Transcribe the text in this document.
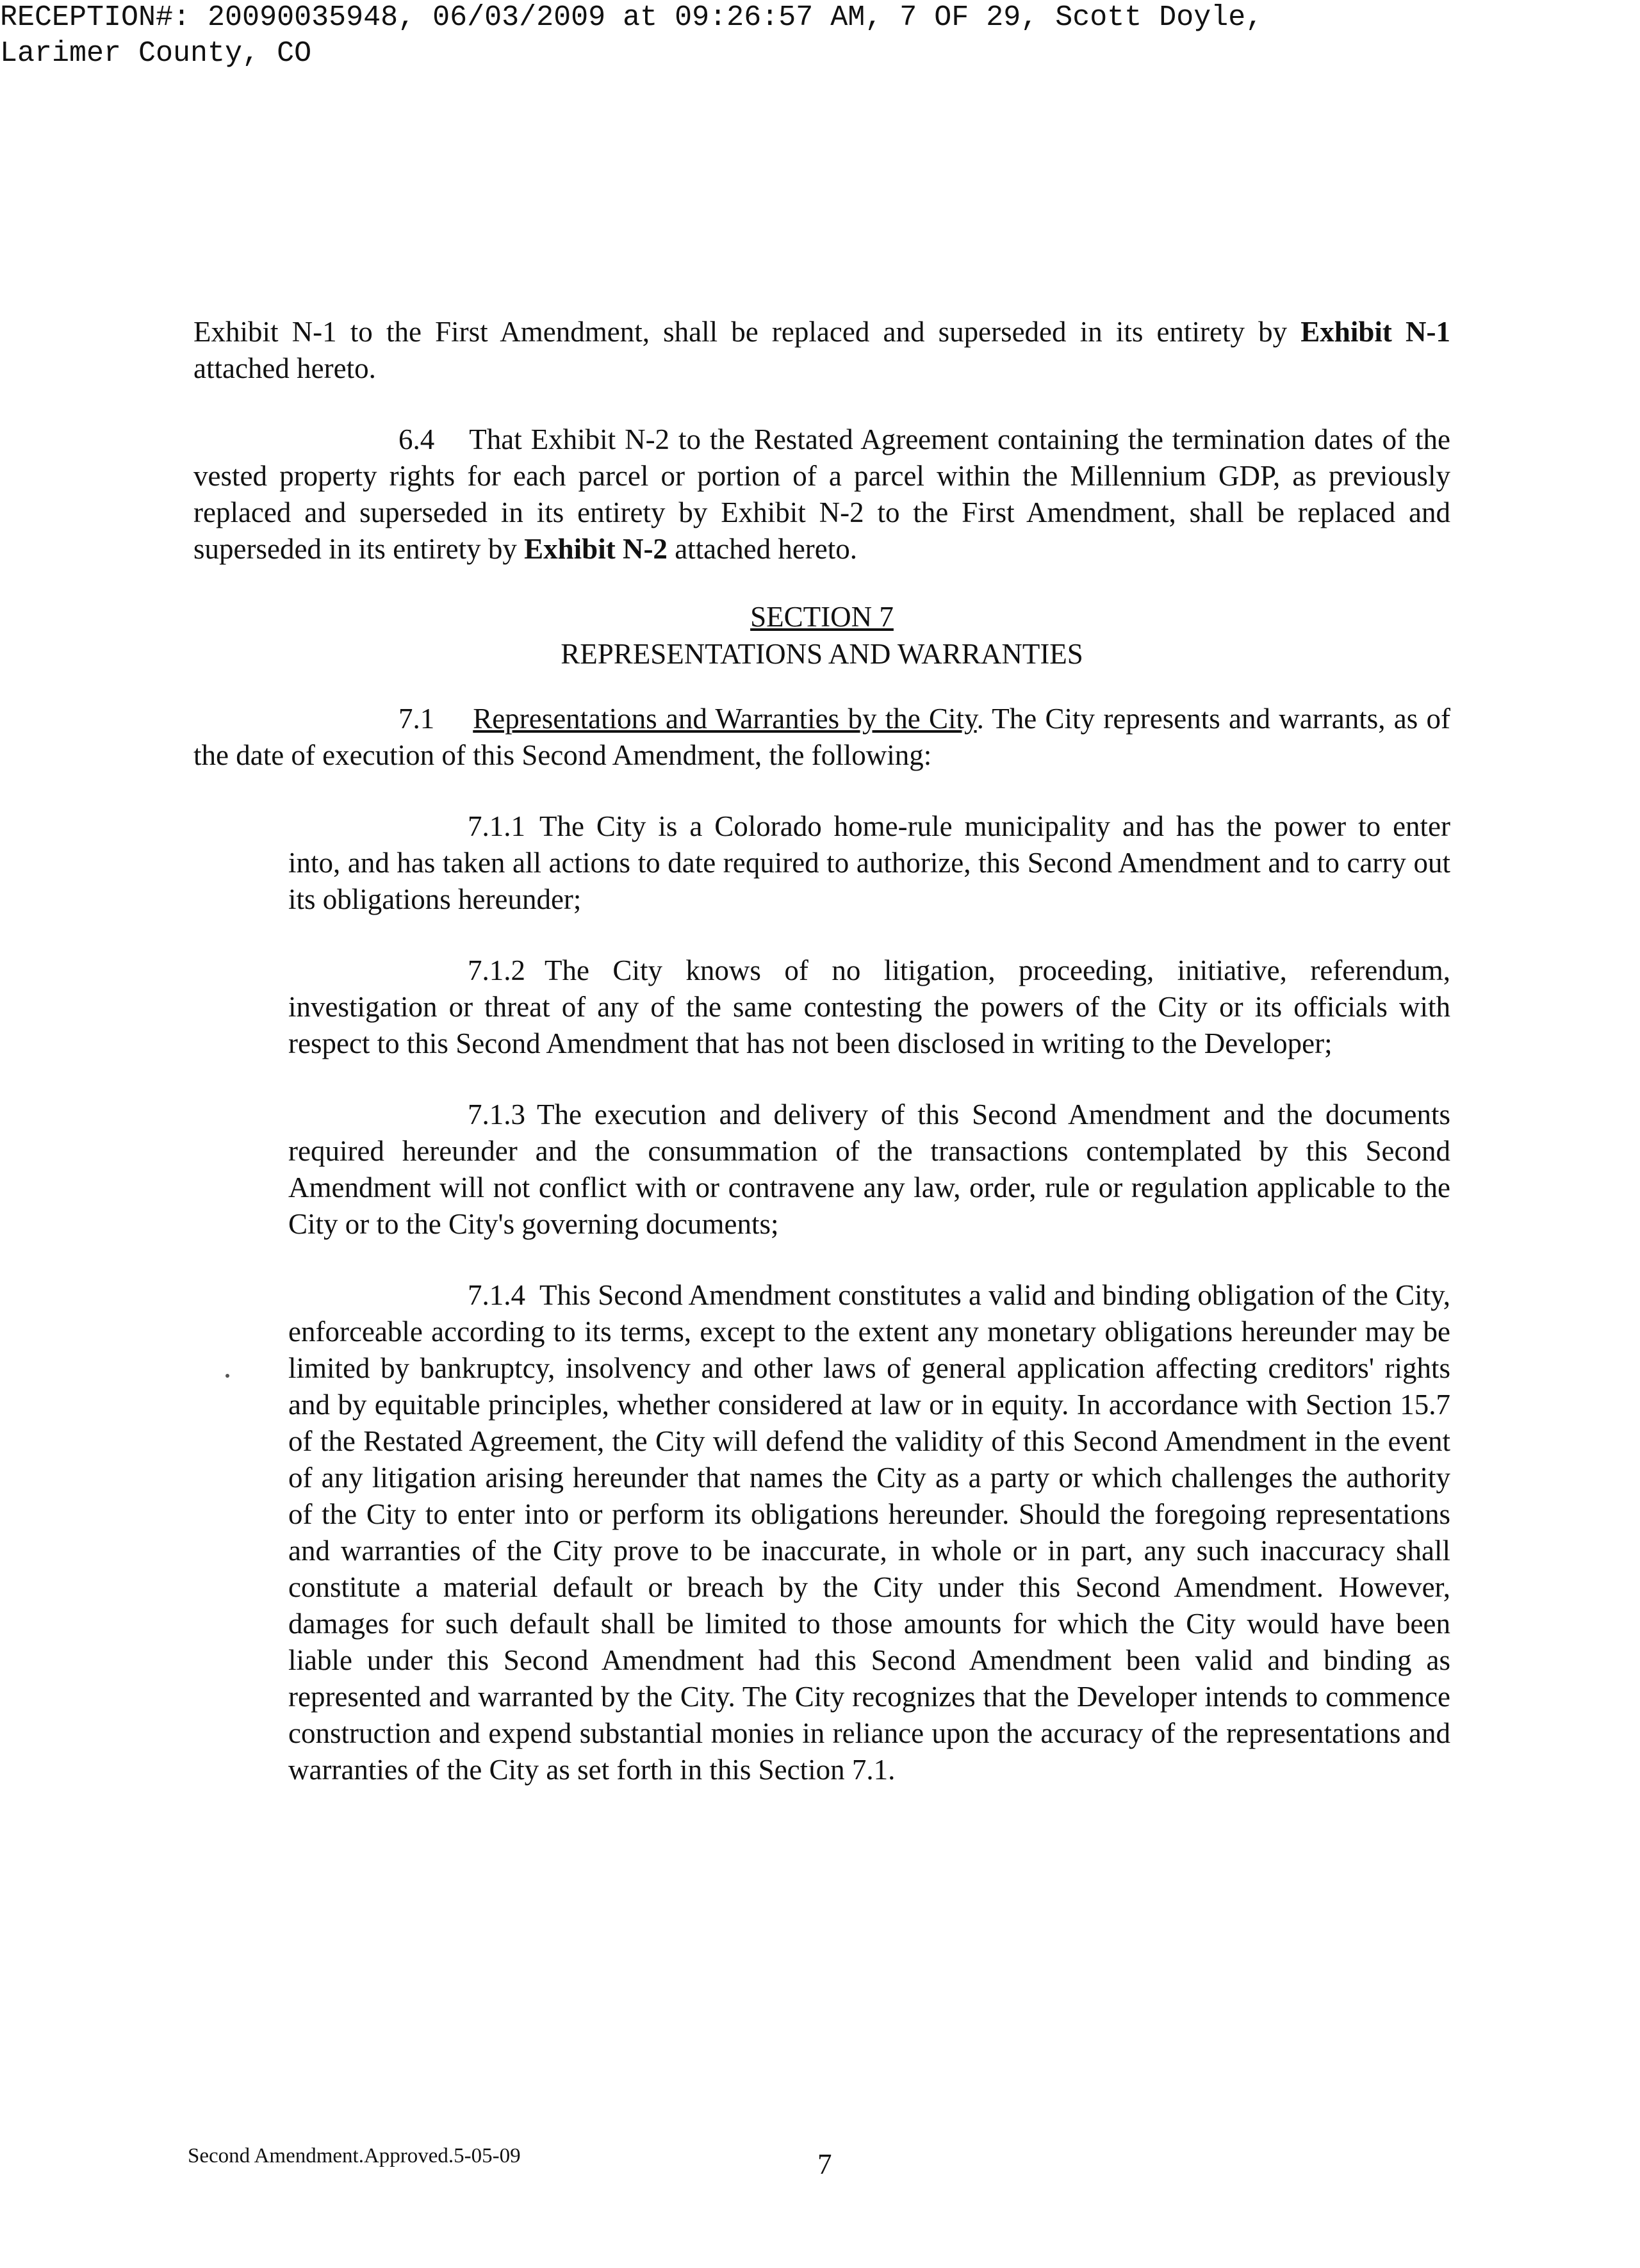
RECEPTION#: 20090035948, 06/03/2009 at 09:26:57 AM, 7 OF 29, Scott Doyle,
Larimer County, CO

Exhibit N-1 to the First Amendment, shall be replaced and superseded in its entirety by Exhibit N-1 attached hereto.

6.4 That Exhibit N-2 to the Restated Agreement containing the termination dates of the vested property rights for each parcel or portion of a parcel within the Millennium GDP, as previously replaced and superseded in its entirety by Exhibit N-2 to the First Amendment, shall be replaced and superseded in its entirety by Exhibit N-2 attached hereto.

SECTION 7
REPRESENTATIONS AND WARRANTIES

7.1 Representations and Warranties by the City. The City represents and warrants, as of the date of execution of this Second Amendment, the following:

7.1.1 The City is a Colorado home-rule municipality and has the power to enter into, and has taken all actions to date required to authorize, this Second Amendment and to carry out its obligations hereunder;

7.1.2 The City knows of no litigation, proceeding, initiative, referendum, investigation or threat of any of the same contesting the powers of the City or its officials with respect to this Second Amendment that has not been disclosed in writing to the Developer;

7.1.3 The execution and delivery of this Second Amendment and the documents required hereunder and the consummation of the transactions contemplated by this Second Amendment will not conflict with or contravene any law, order, rule or regulation applicable to the City or to the City's governing documents;

7.1.4 This Second Amendment constitutes a valid and binding obligation of the City, enforceable according to its terms, except to the extent any monetary obligations hereunder may be limited by bankruptcy, insolvency and other laws of general application affecting creditors' rights and by equitable principles, whether considered at law or in equity. In accordance with Section 15.7 of the Restated Agreement, the City will defend the validity of this Second Amendment in the event of any litigation arising hereunder that names the City as a party or which challenges the authority of the City to enter into or perform its obligations hereunder. Should the foregoing representations and warranties of the City prove to be inaccurate, in whole or in part, any such inaccuracy shall constitute a material default or breach by the City under this Second Amendment. However, damages for such default shall be limited to those amounts for which the City would have been liable under this Second Amendment had this Second Amendment been valid and binding as represented and warranted by the City. The City recognizes that the Developer intends to commence construction and expend substantial monies in reliance upon the accuracy of the representations and warranties of the City as set forth in this Section 7.1.

Second Amendment.Approved.5-05-09	7
